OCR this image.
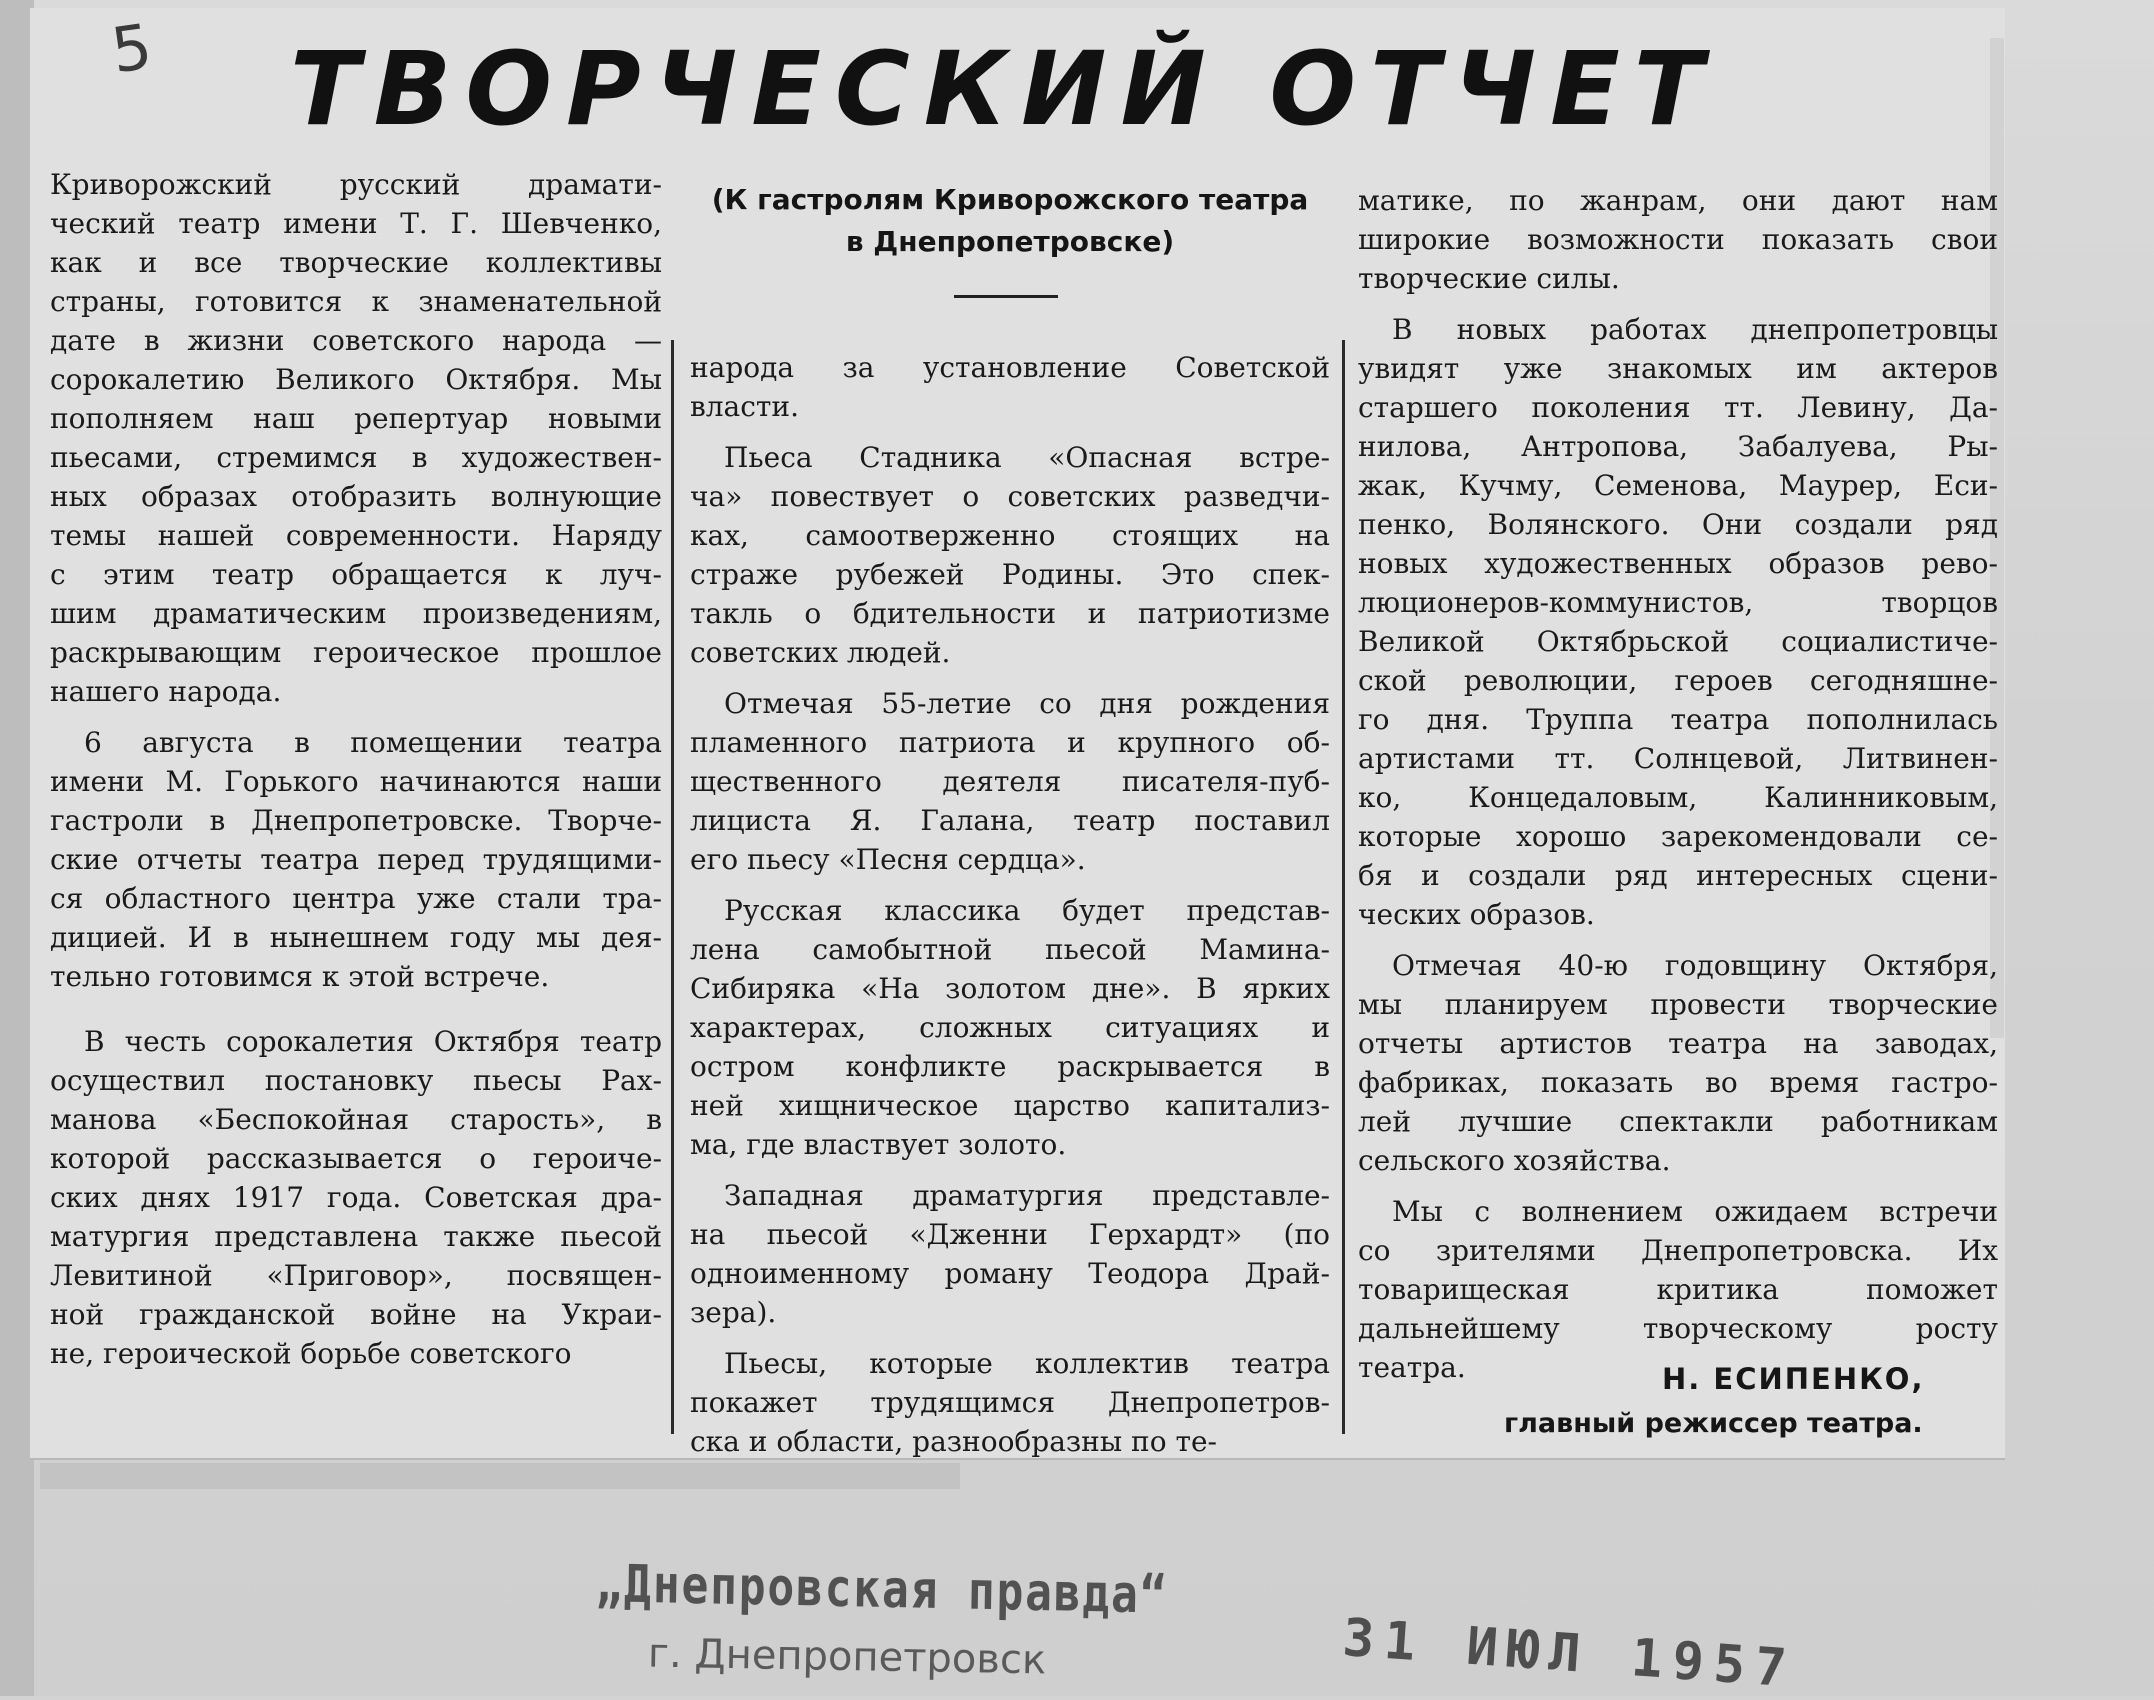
5 ТВОРЧЕСКИЙ ОТЧЕТ
(К гастролям Криворожского театра
в Днепропетровске)

Криворожский русский драмати-

ческий театр имени Т. Г. Шевченко,

как и все творческие коллективы

страны, готовится к знаменательной

дате в жизни советского народа —

сорокалетию Великого Октября. Мы

пополняем наш репертуар новыми

пьесами, стремимся в художествен-

ных образах отобразить волнующие

темы нашей современности. Наряду

с этим театр обращается к луч-

шим драматическим произведениям,

раскрывающим героическое прошлое

нашего народа.

6 августа в помещении театра

имени М. Горького начинаются наши

гастроли в Днепропетровске. Творче-

ские отчеты театра перед трудящими-

ся областного центра уже стали тра-

дицией. И в нынешнем году мы дея-

тельно готовимся к этой встрече.

В честь сорокалетия Октября театр

осуществил постановку пьесы Рах-

манова «Беспокойная старость», в

которой рассказывается о героиче-

ских днях 1917 года. Советская дра-

матургия представлена также пьесой

Левитиной «Приговор», посвящен-

ной гражданской войне на Украи-

не, героической борьбе советского

народа за установление Советской

власти.

Пьеса Стадника «Опасная встре-

ча» повествует о советских разведчи-

ках, самоотверженно стоящих на

страже рубежей Родины. Это спек-

такль о бдительности и патриотизме

советских людей.

Отмечая 55-летие со дня рождения

пламенного патриота и крупного об-

щественного деятеля писателя-пуб-

лициста Я. Галана, театр поставил

его пьесу «Песня сердца».

Русская классика будет представ-

лена самобытной пьесой Мамина-

Сибиряка «На золотом дне». В ярких

характерах, сложных ситуациях и

остром конфликте раскрывается в

ней хищническое царство капитализ-

ма, где властвует золото.

Западная драматургия представле-

на пьесой «Дженни Герхардт» (по

одноименному роману Теодора Драй-

зера).

Пьесы, которые коллектив театра

покажет трудящимся Днепропетров-

ска и области, разнообразны по те-

матике, по жанрам, они дают нам

широкие возможности показать свои

творческие силы.

В новых работах днепропетровцы

увидят уже знакомых им актеров

старшего поколения тт. Левину, Да-

нилова, Антропова, Забалуева, Ры-

жак, Кучму, Семенова, Маурер, Еси-

пенко, Волянского. Они создали ряд

новых художественных образов рево-

люционеров-коммунистов, творцов

Великой Октябрьской социалистиче-

ской революции, героев сегодняшне-

го дня. Труппа театра пополнилась

артистами тт. Солнцевой, Литвинен-

ко, Концедаловым, Калинниковым,

которые хорошо зарекомендовали се-

бя и создали ряд интересных сцени-

ческих образов.

Отмечая 40-ю годовщину Октября,

мы планируем провести творческие

отчеты артистов театра на заводах,

фабриках, показать во время гастро-

лей лучшие спектакли работникам

сельского хозяйства.

Мы с волнением ожидаем встречи

со зрителями Днепропетровска. Их

товарищеская критика поможет

дальнейшему творческому росту

театра.	Н. ЕСИПЕНКО,
главный режиссер театра.
„Днепровская правда“
г. Днепропетровск	31 ИЮЛ 1957
